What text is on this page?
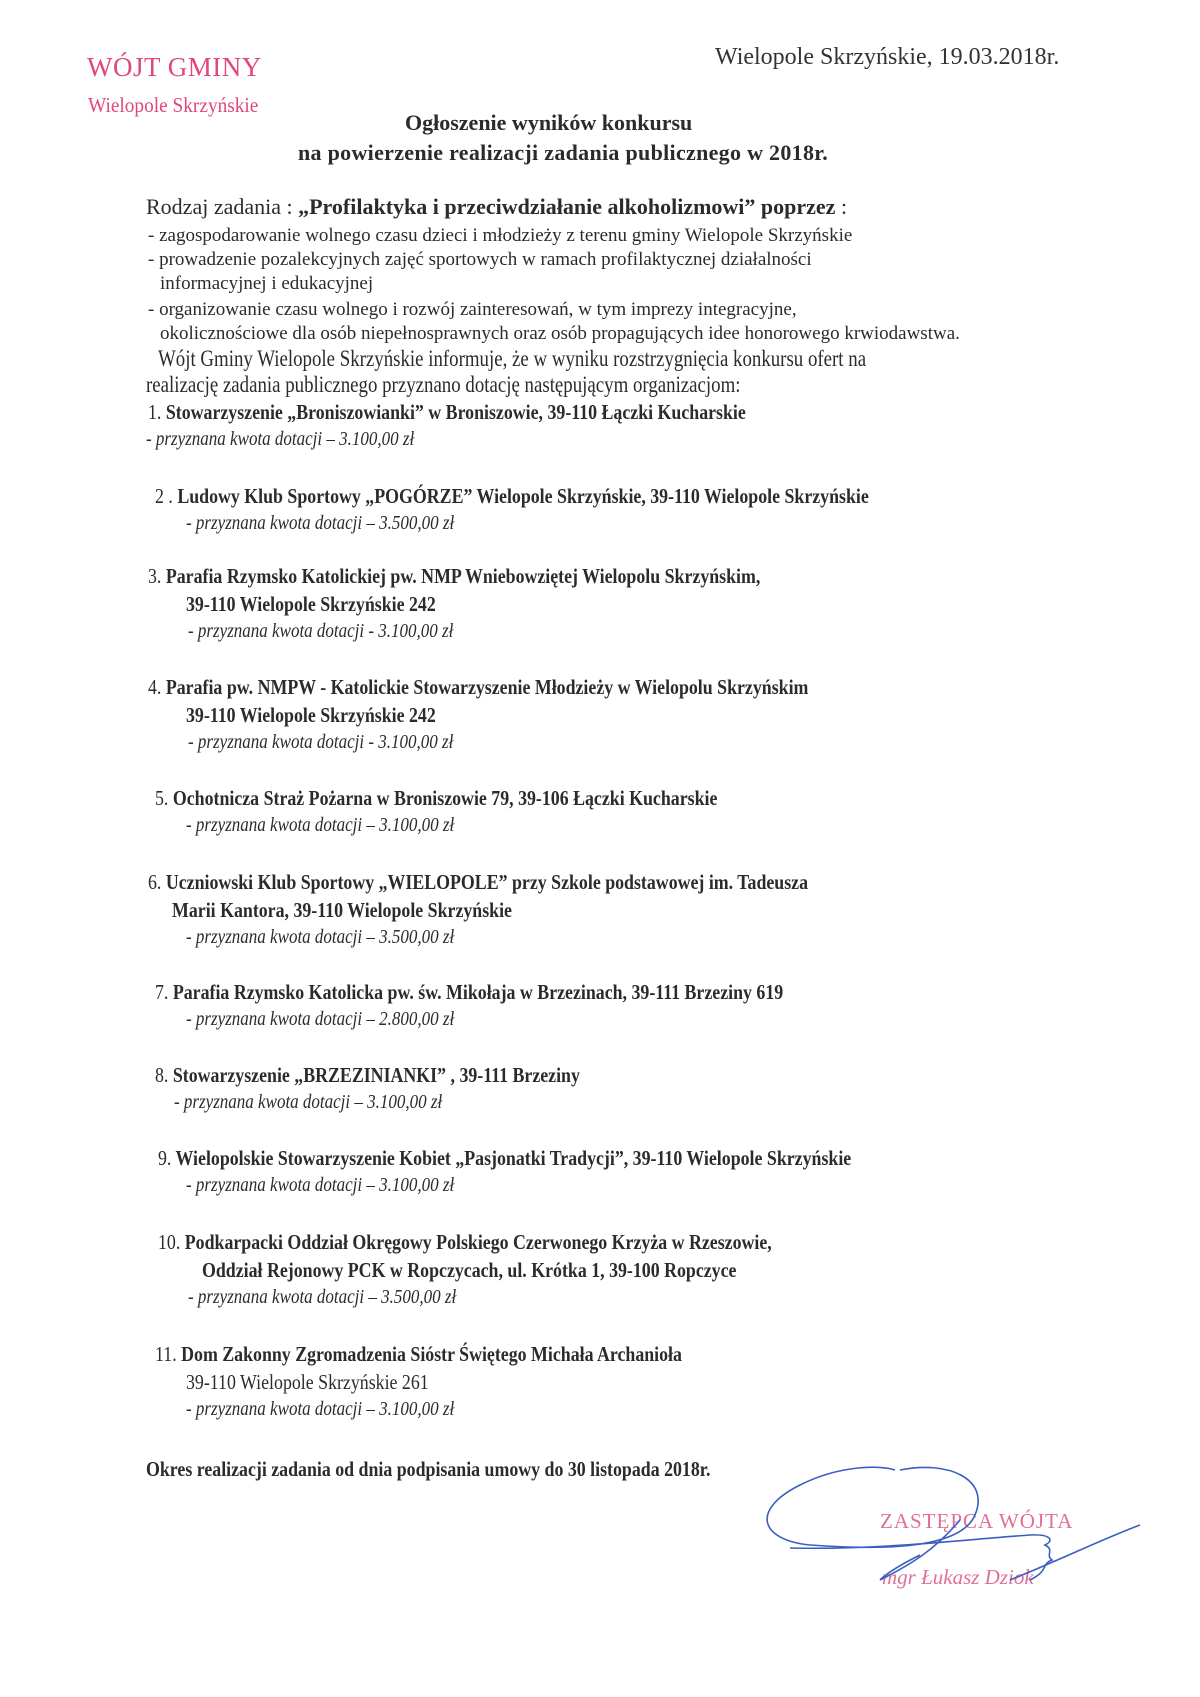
WÓJT GMINY
Wielopole Skrzyńskie
Wielopole Skrzyńskie, 19.03.2018r.
Ogłoszenie wyników konkursu
na powierzenie realizacji zadania publicznego w 2018r.
Rodzaj zadania : „Profilaktyka i przeciwdziałanie alkoholizmowi” poprzez :
- zagospodarowanie wolnego czasu dzieci i młodzieży z terenu gminy Wielopole Skrzyńskie
- prowadzenie pozalekcyjnych zajęć sportowych w ramach profilaktycznej działalności
informacyjnej i edukacyjnej
- organizowanie czasu wolnego i rozwój zainteresowań, w tym imprezy integracyjne,
okolicznościowe dla osób niepełnosprawnych oraz osób propagujących idee honorowego krwiodawstwa.
Wójt Gminy Wielopole Skrzyńskie informuje, że w wyniku rozstrzygnięcia konkursu ofert na
realizację zadania publicznego przyznano dotację następującym organizacjom:
1. Stowarzyszenie „Broniszowianki” w Broniszowie, 39-110 Łączki Kucharskie
- przyznana kwota dotacji – 3.100,00 zł
2 . Ludowy Klub Sportowy „POGÓRZE” Wielopole Skrzyńskie, 39-110 Wielopole Skrzyńskie
- przyznana kwota dotacji – 3.500,00 zł
3. Parafia Rzymsko Katolickiej pw. NMP Wniebowziętej Wielopolu Skrzyńskim,
39-110 Wielopole Skrzyńskie 242
- przyznana kwota dotacji - 3.100,00 zł
4. Parafia pw. NMPW - Katolickie Stowarzyszenie Młodzieży w Wielopolu Skrzyńskim
39-110 Wielopole Skrzyńskie 242
- przyznana kwota dotacji - 3.100,00 zł
5. Ochotnicza Straż Pożarna w Broniszowie 79, 39-106 Łączki Kucharskie
- przyznana kwota dotacji – 3.100,00 zł
6. Uczniowski Klub Sportowy „WIELOPOLE” przy Szkole podstawowej im. Tadeusza
Marii Kantora, 39-110 Wielopole Skrzyńskie
- przyznana kwota dotacji – 3.500,00 zł
7. Parafia Rzymsko Katolicka pw. św. Mikołaja w Brzezinach, 39-111 Brzeziny 619
- przyznana kwota dotacji – 2.800,00 zł
8. Stowarzyszenie „BRZEZINIANKI” , 39-111 Brzeziny
- przyznana kwota dotacji – 3.100,00 zł
9. Wielopolskie Stowarzyszenie Kobiet „Pasjonatki Tradycji”, 39-110 Wielopole Skrzyńskie
- przyznana kwota dotacji – 3.100,00 zł
10. Podkarpacki Oddział Okręgowy Polskiego Czerwonego Krzyża w Rzeszowie,
Oddział Rejonowy PCK w Ropczycach, ul. Krótka 1, 39-100 Ropczyce
- przyznana kwota dotacji – 3.500,00 zł
11. Dom Zakonny Zgromadzenia Sióstr Świętego Michała Archanioła
39-110 Wielopole Skrzyńskie 261
- przyznana kwota dotacji – 3.100,00 zł
Okres realizacji zadania od dnia podpisania umowy do 30 listopada 2018r.
ZASTĘPCA WÓJTA
mgr Łukasz Dziok
